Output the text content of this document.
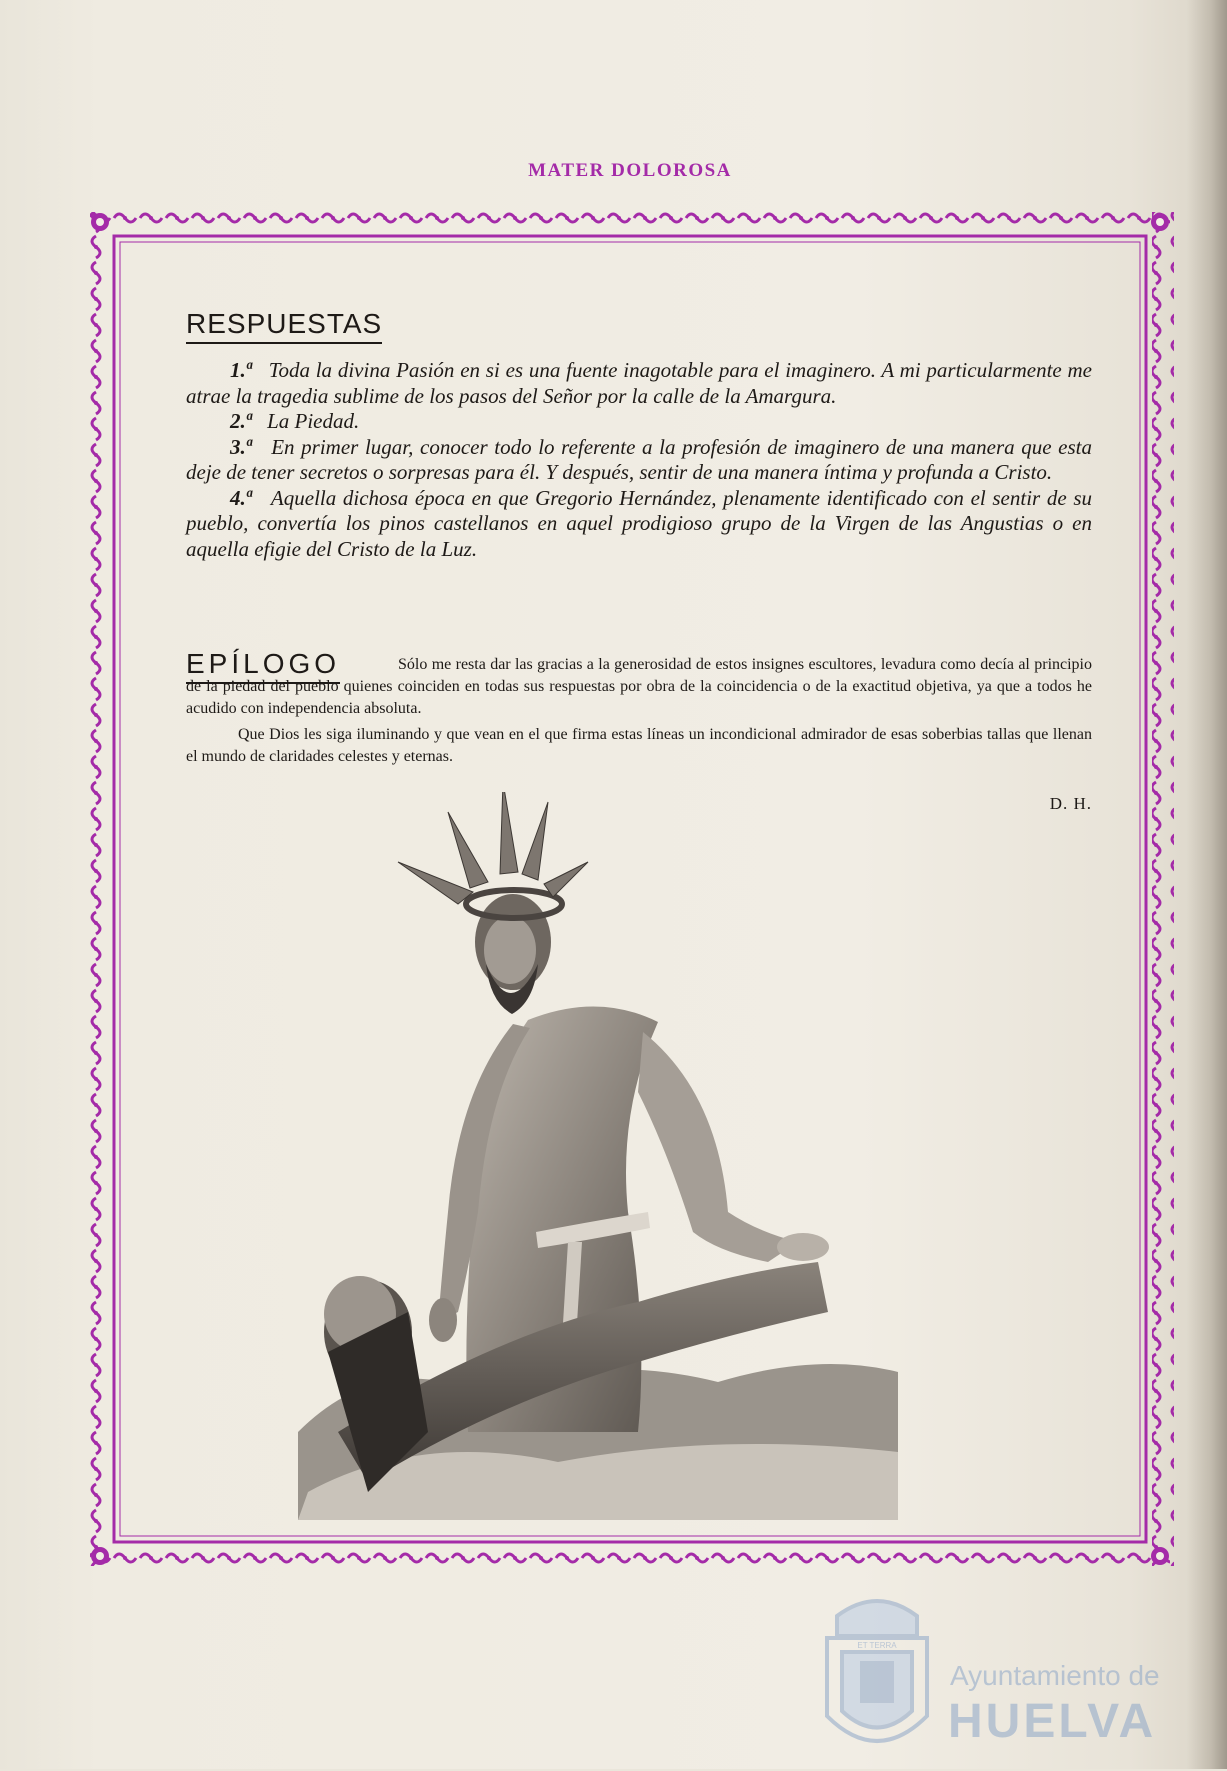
MATER DOLOROSA
RESPUESTAS

1.ª Toda la divina Pasión en si es una fuente inagotable para el imaginero. A mi particularmente me atrae la tragedia sublime de los pasos del Señor por la calle de la Amargura.

2.ª La Piedad.

3.ª En primer lugar, conocer todo lo referente a la profesión de imaginero de una manera que esta deje de tener secretos o sorpresas para él. Y después, sentir de una manera íntima y profunda a Cristo.

4.ª Aquella dichosa época en que Gregorio Hernández, plenamente identificado con el sentir de su pueblo, convertía los pinos castellanos en aquel prodigioso grupo de la Virgen de las Angustias o en aquella efigie del Cristo de la Luz.

EPÍLOGO	Sólo me resta dar las gracias a la generosidad de estos insignes escultores, levadura como decía al principio de la piedad del pueblo quienes coinciden en todas sus respuestas por obra de la coincidencia o de la exactitud objetiva, ya que a todos he acudido con independencia absoluta.

Que Dios les siga iluminando y que vean en el que firma estas líneas un incondicional admirador de esas soberbias tallas que llenan el mundo de claridades celestes y eternas.

D. H.
ET TERRA
Ayuntamiento de
HUELVA
